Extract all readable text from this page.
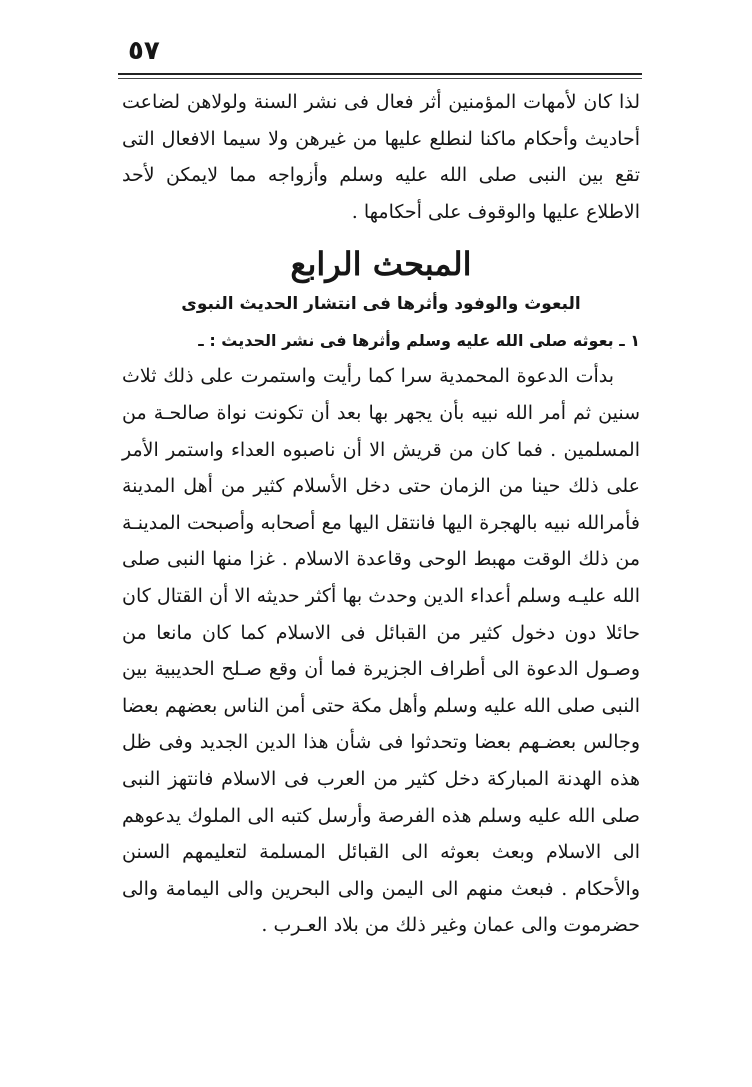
٥٧

لذا كان لأمهات المؤمنين أثر فعال فى نشر السنة ولولاهن لضاعت أحاديث وأحكام ماكنا لنطلع عليها من غيرهن ولا سيما الافعال التى تقع بين النبى صلى الله عليه وسلم وأزواجه مما لايمكن لأحد الاطلاع عليها والوقوف على أحكامها .

المبحث الرابع
البعوث والوفود وأثرها فى انتشار الحديث النبوى
١ ـ بعوثه صلى الله عليه وسلم وأثرها فى نشر الحديث : ـ

بدأت الدعوة المحمدية سرا كما رأيت واستمرت على ذلك ثلاث سنين ثم أمر الله نبيه بأن يجهر بها بعد أن تكونت نواة صالحـة من المسلمين . فما كان من قريش الا أن ناصبوه العداء واستمر الأمر على ذلك حينا من الزمان حتى دخل الأسلام كثير من أهل المدينة فأمرالله نبيه بالهجرة اليها فانتقل اليها مع أصحابه وأصبحت المدينـة من ذلك الوقت مهبط الوحى وقاعدة الاسلام . غزا منها النبى صلى الله عليـه وسلم أعداء الدين وحدث بها أكثر حديثه الا أن القتال كان حائلا دون دخول كثير من القبائل فى الاسلام كما كان مانعا من وصـول الدعوة الى أطراف الجزيرة فما أن وقع صـلح الحديبية بين النبى صلى الله عليه وسلم وأهل مكة حتى أمن الناس بعضهم بعضا وجالس بعضـهم بعضا وتحدثوا فى شأن هذا الدين الجديد وفى ظل هذه الهدنة المباركة دخل كثير من العرب فى الاسلام فانتهز النبى صلى الله عليه وسلم هذه الفرصة وأرسل كتبه الى الملوك يدعوهم الى الاسلام وبعث بعوثه الى القبائل المسلمة لتعليمهم السنن والأحكام . فبعث منهم الى اليمن والى البحرين والى اليمامة والى حضرموت والى عمان وغير ذلك من بلاد العـرب .
